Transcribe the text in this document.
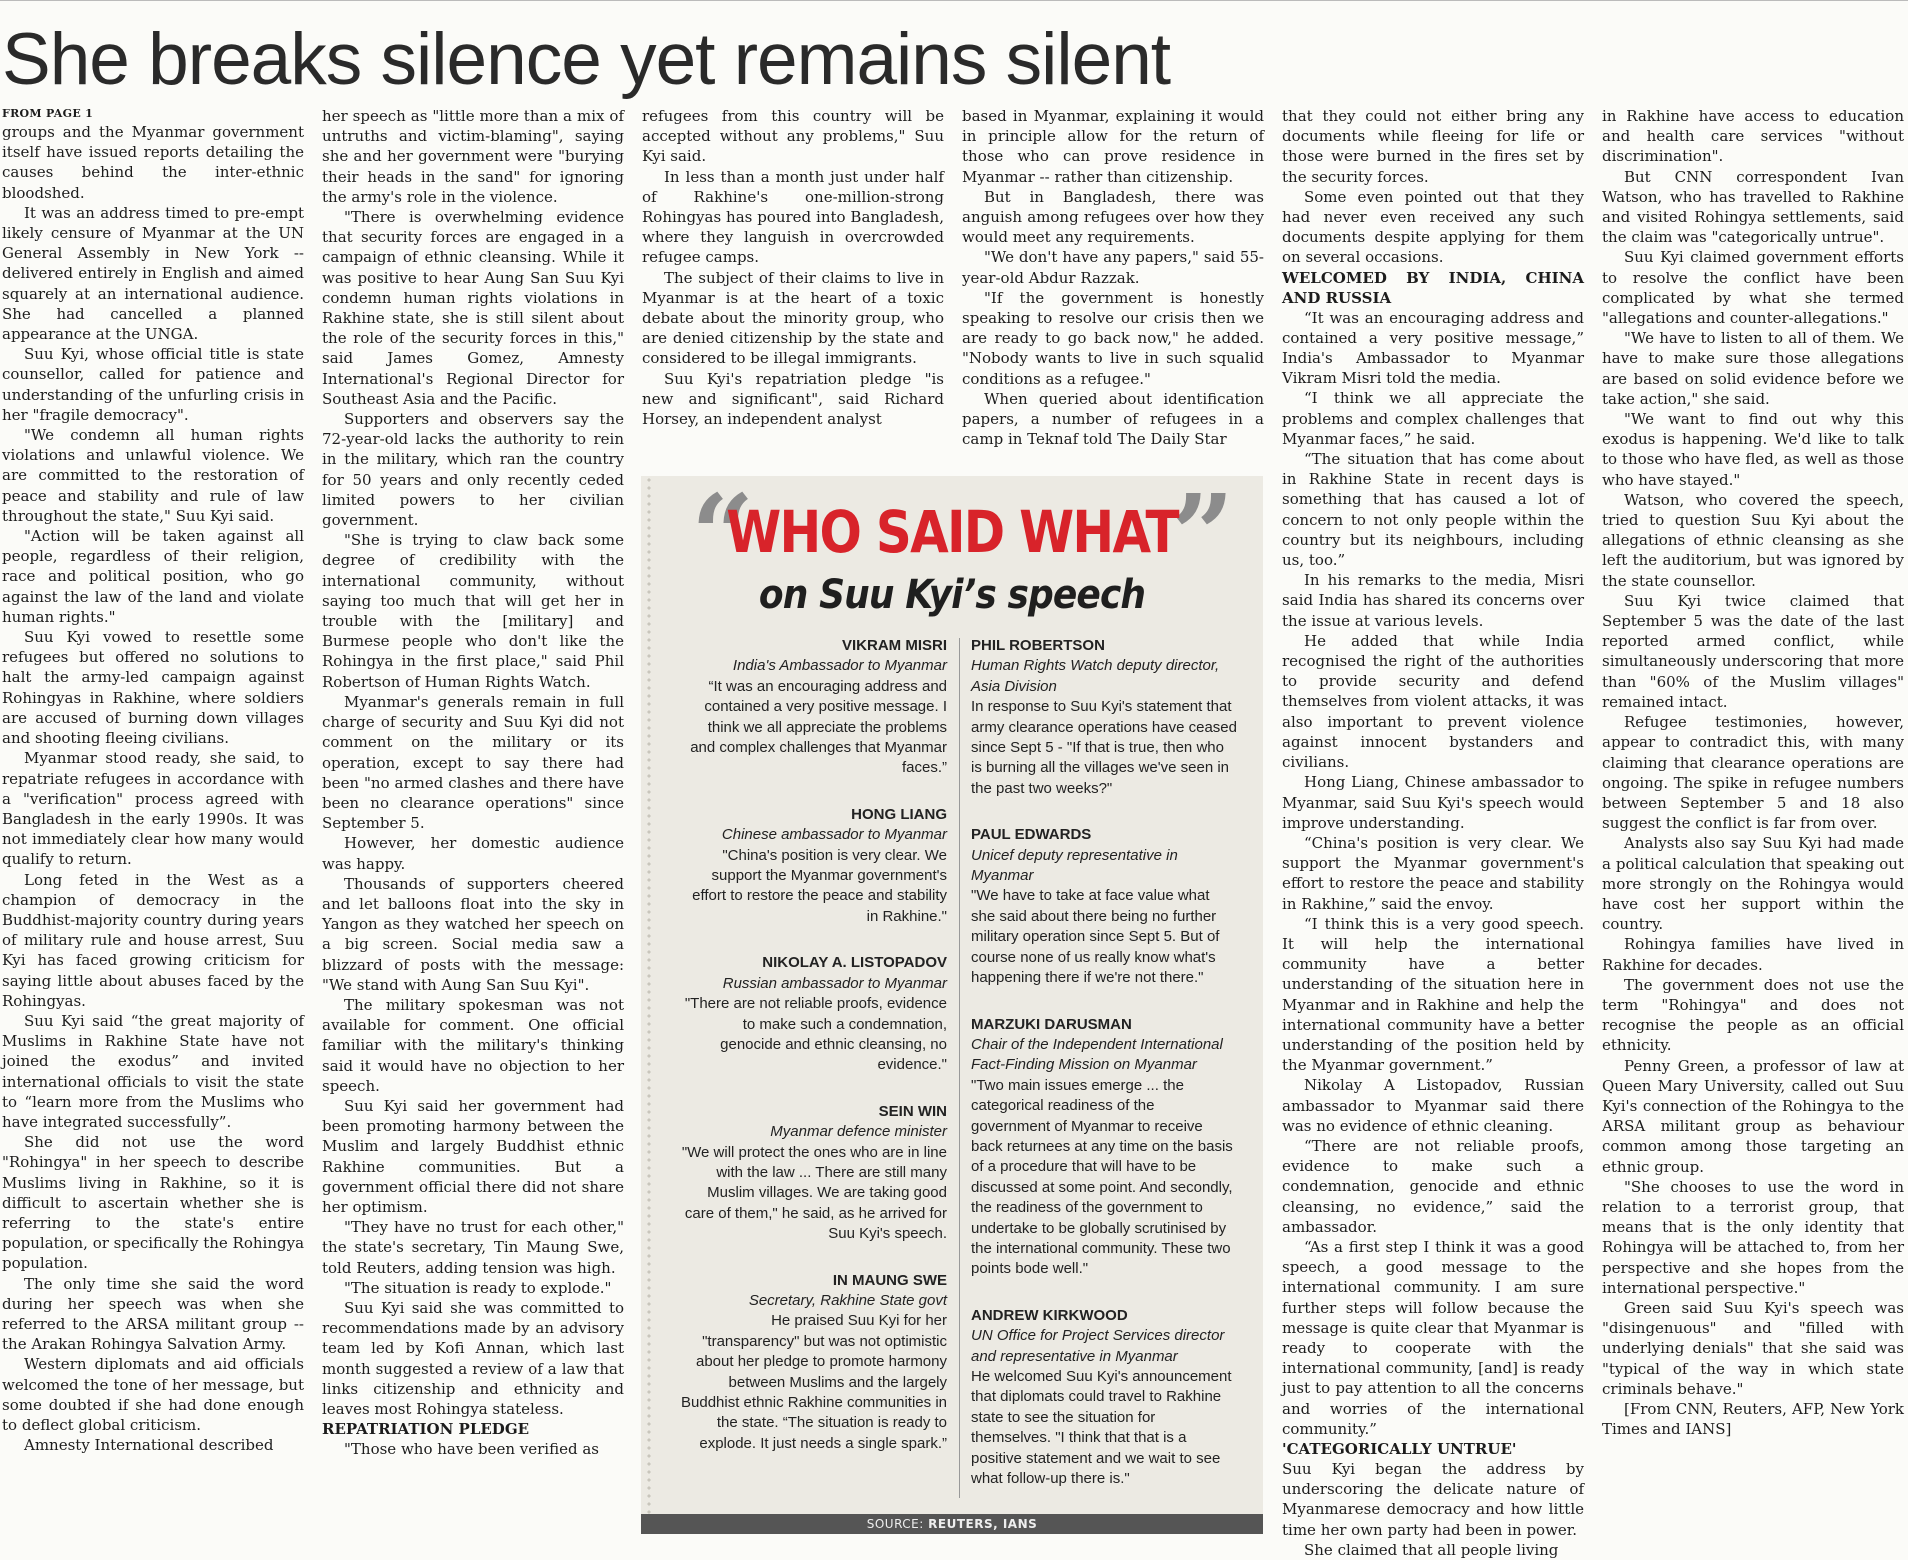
She breaks silence yet remains silent
FROM PAGE 1

groups and the Myanmar government itself have issued reports detailing the causes behind the inter-ethnic bloodshed.

It was an address timed to pre-empt likely censure of Myanmar at the UN General Assembly in New York -- delivered entirely in English and aimed squarely at an international audience. She had cancelled a planned appearance at the UNGA.

Suu Kyi, whose official title is state counsellor, called for patience and understanding of the unfurling crisis in her "fragile democracy".

"We condemn all human rights violations and unlawful violence. We are committed to the restoration of peace and stability and rule of law throughout the state," Suu Kyi said.

"Action will be taken against all people, regardless of their religion, race and political position, who go against the law of the land and violate human rights."

Suu Kyi vowed to resettle some refugees but offered no solutions to halt the army-led campaign against Rohingyas in Rakhine, where soldiers are accused of burning down villages and shooting fleeing civilians.

Myanmar stood ready, she said, to repatriate refugees in accordance with a "verification" process agreed with Bangladesh in the early 1990s. It was not immediately clear how many would qualify to return.

Long feted in the West as a champion of democracy in the Buddhist-majority country during years of military rule and house arrest, Suu Kyi has faced growing criticism for saying little about abuses faced by the Rohingyas.

Suu Kyi said “the great majority of Muslims in Rakhine State have not joined the exodus” and invited international officials to visit the state to “learn more from the Muslims who have integrated successfully”.

She did not use the word "Rohingya" in her speech to describe Muslims living in Rakhine, so it is difficult to ascertain whether she is referring to the state's entire population, or specifically the Rohingya population.

The only time she said the word during her speech was when she referred to the ARSA militant group -- the Arakan Rohingya Salvation Army.

Western diplomats and aid officials welcomed the tone of her message, but some doubted if she had done enough to deflect global criticism.

Amnesty International described

her speech as "little more than a mix of untruths and victim-blaming", saying she and her government were "burying their heads in the sand" for ignoring the army's role in the violence.

"There is overwhelming evidence that security forces are engaged in a campaign of ethnic cleansing. While it was positive to hear Aung San Suu Kyi condemn human rights violations in Rakhine state, she is still silent about the role of the security forces in this," said James Gomez, Amnesty International's Regional Director for Southeast Asia and the Pacific.

Supporters and observers say the 72-year-old lacks the authority to rein in the military, which ran the country for 50 years and only recently ceded limited powers to her civilian government.

"She is trying to claw back some degree of credibility with the international community, without saying too much that will get her in trouble with the [military] and Burmese people who don't like the Rohingya in the first place," said Phil Robertson of Human Rights Watch.

Myanmar's generals remain in full charge of security and Suu Kyi did not comment on the military or its operation, except to say there had been "no armed clashes and there have been no clearance operations" since September 5.

However, her domestic audience was happy.

Thousands of supporters cheered and let balloons float into the sky in Yangon as they watched her speech on a big screen. Social media saw a blizzard of posts with the message: "We stand with Aung San Suu Kyi".

The military spokesman was not available for comment. One official familiar with the military's thinking said it would have no objection to her speech.

Suu Kyi said her government had been promoting harmony between the Muslim and largely Buddhist ethnic Rakhine communities. But a government official there did not share her optimism.

"They have no trust for each other," the state's secretary, Tin Maung Swe, told Reuters, adding tension was high.

"The situation is ready to explode."

Suu Kyi said she was committed to recommendations made by an advisory team led by Kofi Annan, which last month suggested a review of a law that links citizenship and ethnicity and leaves most Rohingya stateless.

REPATRIATION PLEDGE

"Those who have been verified as

refugees from this country will be accepted without any problems," Suu Kyi said.

In less than a month just under half of Rakhine's one-million-strong Rohingyas has poured into Bangladesh, where they languish in overcrowded refugee camps.

The subject of their claims to live in Myanmar is at the heart of a toxic debate about the minority group, who are denied citizenship by the state and considered to be illegal immigrants.

Suu Kyi's repatriation pledge "is new and significant", said Richard Horsey, an independent analyst

based in Myanmar, explaining it would in principle allow for the return of those who can prove residence in Myanmar -- rather than citizenship.

But in Bangladesh, there was anguish among refugees over how they would meet any requirements.

"We don't have any papers," said 55-year-old Abdur Razzak.

"If the government is honestly speaking to resolve our crisis then we are ready to go back now," he added. "Nobody wants to live in such squalid conditions as a refugee."

When queried about identification papers, a number of refugees in a camp in Teknaf told The Daily Star

that they could not either bring any documents while fleeing for life or those were burned in the fires set by the security forces.

Some even pointed out that they had never even received any such documents despite applying for them on several occasions.

WELCOMED BY INDIA, CHINA AND RUSSIA

“It was an encouraging address and contained a very positive message,” India's Ambassador to Myanmar Vikram Misri told the media.

“I think we all appreciate the problems and complex challenges that Myanmar faces,” he said.

“The situation that has come about in Rakhine State in recent days is something that has caused a lot of concern to not only people within the country but its neighbours, including us, too.”

In his remarks to the media, Misri said India has shared its concerns over the issue at various levels.

He added that while India recognised the right of the authorities to provide security and defend themselves from violent attacks, it was also important to prevent violence against innocent bystanders and civilians.

Hong Liang, Chinese ambassador to Myanmar, said Suu Kyi's speech would improve understanding.

“China's position is very clear. We support the Myanmar government's effort to restore the peace and stability in Rakhine,” said the envoy.

“I think this is a very good speech. It will help the international community have a better understanding of the situation here in Myanmar and in Rakhine and help the international community have a better understanding of the position held by the Myanmar government.”

Nikolay A Listopadov, Russian ambassador to Myanmar said there was no evidence of ethnic cleaning.

“There are not reliable proofs, evidence to make such a condemnation, genocide and ethnic cleansing, no evidence,” said the ambassador.

“As a first step I think it was a good speech, a good message to the international community. I am sure further steps will follow because the message is quite clear that Myanmar is ready to cooperate with the international community, [and] is ready just to pay attention to all the concerns and worries of the international community.”

'CATEGORICALLY UNTRUE'

Suu Kyi began the address by underscoring the delicate nature of Myanmarese democracy and how little time her own party had been in power.

She claimed that all people living

in Rakhine have access to education and health care services "without discrimination".

But CNN correspondent Ivan Watson, who has travelled to Rakhine and visited Rohingya settlements, said the claim was "categorically untrue".

Suu Kyi claimed government efforts to resolve the conflict have been complicated by what she termed "allegations and counter-allegations."

"We have to listen to all of them. We have to make sure those allegations are based on solid evidence before we take action," she said.

"We want to find out why this exodus is happening. We'd like to talk to those who have fled, as well as those who have stayed."

Watson, who covered the speech, tried to question Suu Kyi about the allegations of ethnic cleansing as she left the auditorium, but was ignored by the state counsellor.

Suu Kyi twice claimed that September 5 was the date of the last reported armed conflict, while simultaneously underscoring that more than "60% of the Muslim villages" remained intact.

Refugee testimonies, however, appear to contradict this, with many claiming that clearance operations are ongoing. The spike in refugee numbers between September 5 and 18 also suggest the conflict is far from over.

Analysts also say Suu Kyi had made a political calculation that speaking out more strongly on the Rohingya would have cost her support within the country.

Rohingya families have lived in Rakhine for decades.

The government does not use the term "Rohingya" and does not recognise the people as an official ethnicity.

Penny Green, a professor of law at Queen Mary University, called out Suu Kyi's connection of the Rohingya to the ARSA militant group as behaviour common among those targeting an ethnic group.

"She chooses to use the word in relation to a terrorist group, that means that is the only identity that Rohingya will be attached to, from her perspective and she hopes from the international perspective."

Green said Suu Kyi's speech was "disingenuous" and "filled with underlying denials" that she said was "typical of the way in which state criminals behave."

[From CNN, Reuters, AFP, New York Times and IANS]

“	”
WHO SAID WHAT
on Suu Kyi’s speech
VIKRAM MISRI
India's Ambassador to Myanmar
“It was an encouraging address and contained a very positive message. I think we all appreciate the problems and complex challenges that Myanmar faces.”
HONG LIANG
Chinese ambassador to Myanmar
"China's position is very clear. We support the Myanmar government's effort to restore the peace and stability in Rakhine."
NIKOLAY A. LISTOPADOV
Russian ambassador to Myanmar
"There are not reliable proofs, evidence to make such a condemnation, genocide and ethnic cleansing, no evidence."
SEIN WIN
Myanmar defence minister
"We will protect the ones who are in line with the law ... There are still many Muslim villages. We are taking good care of them," he said, as he arrived for Suu Kyi's speech.
IN MAUNG SWE
Secretary, Rakhine State govt
He praised Suu Kyi for her "transparency" but was not optimistic about her pledge to promote harmony between Muslims and the largely Buddhist ethnic Rakhine communities in the state. “The situation is ready to explode. It just needs a single spark.”
PHIL ROBERTSON
Human Rights Watch deputy director, Asia Division
In response to Suu Kyi's statement that army clearance operations have ceased since Sept 5 - "If that is true, then who is burning all the villages we've seen in the past two weeks?"
PAUL EDWARDS
Unicef deputy representative in Myanmar
"We have to take at face value what she said about there being no further military operation since Sept 5. But of course none of us really know what's happening there if we're not there."
MARZUKI DARUSMAN
Chair of the Independent International Fact-Finding Mission on Myanmar
"Two main issues emerge ... the categorical readiness of the government of Myanmar to receive back returnees at any time on the basis of a procedure that will have to be discussed at some point. And secondly, the readiness of the government to undertake to be globally scrutinised by the international community. These two points bode well."
ANDREW KIRKWOOD
UN Office for Project Services director and representative in Myanmar
He welcomed Suu Kyi's announcement that diplomats could travel to Rakhine state to see the situation for themselves. "I think that that is a positive statement and we wait to see what follow-up there is."
SOURCE: REUTERS, IANS
